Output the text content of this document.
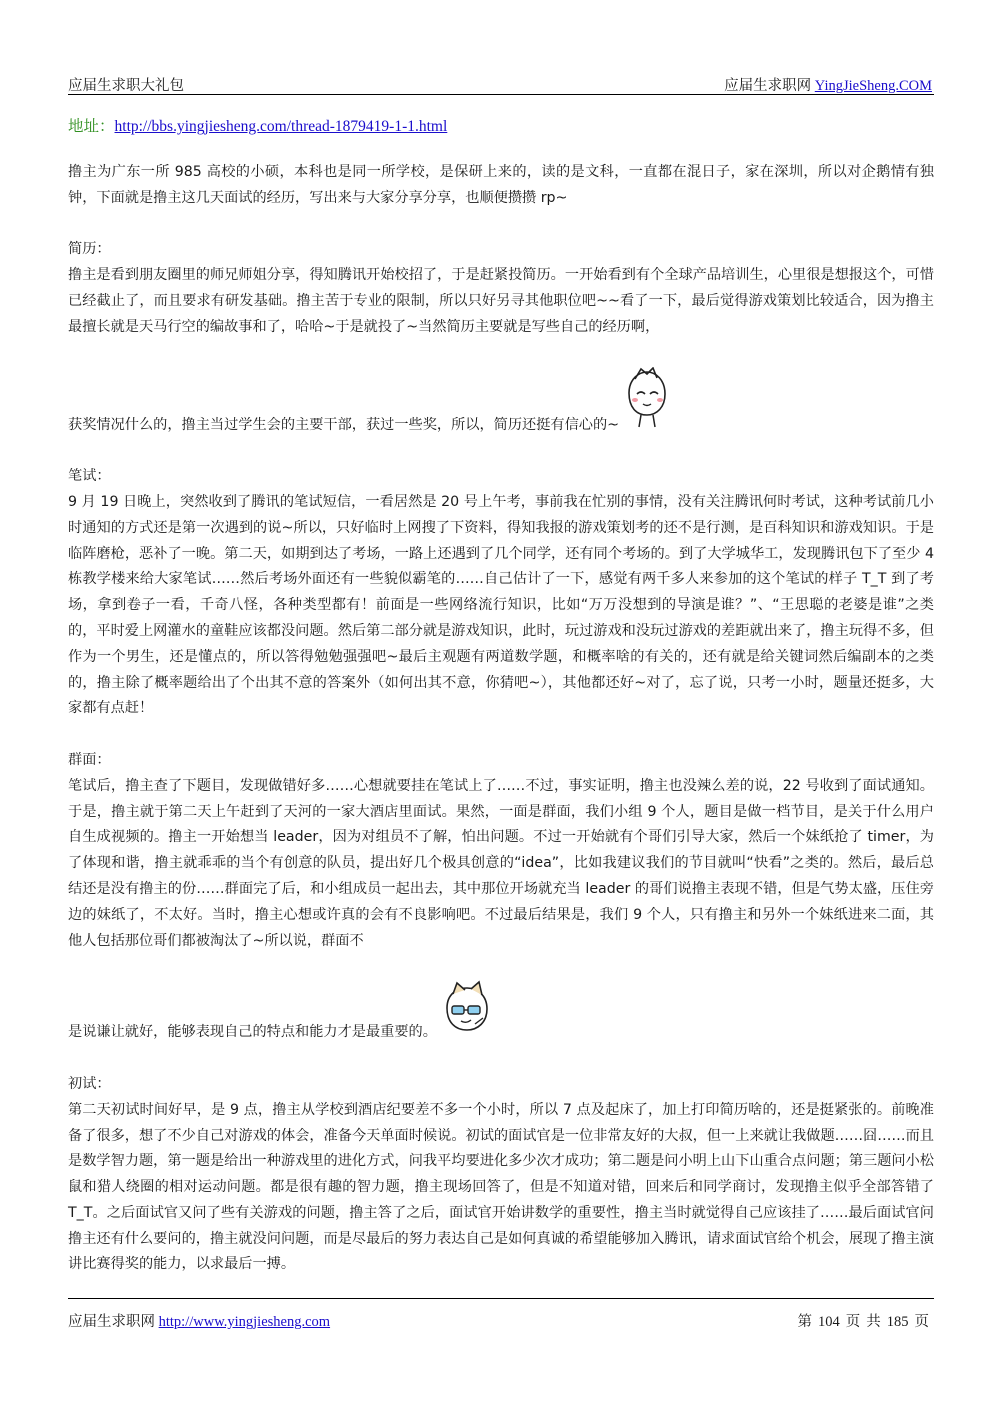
应届生求职大礼包	应届生求职网 YingJieSheng.COM
地址：http://bbs.yingjiesheng.com/thread-1879419-1-1.html

撸主为广东一所 985 高校的小硕，本科也是同一所学校，是保研上来的，读的是文科，一直都在混日子，家在深圳，所以对企鹅情有独钟，下面就是撸主这几天面试的经历，写出来与大家分享分享，也顺便攒攒 rp~

简历：

撸主是看到朋友圈里的师兄师姐分享，得知腾讯开始校招了，于是赶紧投简历。一开始看到有个全球产品培训生，心里很是想报这个，可惜已经截止了，而且要求有研发基础。撸主苦于专业的限制，所以只好另寻其他职位吧~~看了一下，最后觉得游戏策划比较适合，因为撸主最擅长就是天马行空的编故事和了，哈哈~于是就投了~当然简历主要就是写些自己的经历啊，

获奖情况什么的，撸主当过学生会的主要干部，获过一些奖，所以，简历还挺有信心的~

笔试：

9 月 19 日晚上，突然收到了腾讯的笔试短信，一看居然是 20 号上午考，事前我在忙别的事情，没有关注腾讯何时考试，这种考试前几小时通知的方式还是第一次遇到的说~所以，只好临时上网搜了下资料，得知我报的游戏策划考的还不是行测，是百科知识和游戏知识。于是临阵磨枪，恶补了一晚。第二天，如期到达了考场，一路上还遇到了几个同学，还有同个考场的。到了大学城华工，发现腾讯包下了至少 4 栋教学楼来给大家笔试……然后考场外面还有一些貌似霸笔的……自己估计了一下，感觉有两千多人来参加的这个笔试的样子 T_T 到了考场，拿到卷子一看，千奇八怪，各种类型都有！前面是一些网络流行知识，比如“万万没想到的导演是谁？”、“王思聪的老婆是谁”之类的，平时爱上网灌水的童鞋应该都没问题。然后第二部分就是游戏知识，此时，玩过游戏和没玩过游戏的差距就出来了，撸主玩得不多，但作为一个男生，还是懂点的，所以答得勉勉强强吧~最后主观题有两道数学题，和概率啥的有关的，还有就是给关键词然后编副本的之类的，撸主除了概率题给出了个出其不意的答案外（如何出其不意，你猜吧~），其他都还好~对了，忘了说，只考一小时，题量还挺多，大家都有点赶！

群面：

笔试后，撸主查了下题目，发现做错好多……心想就要挂在笔试上了……不过，事实证明，撸主也没辣么差的说，22 号收到了面试通知。于是，撸主就于第二天上午赶到了天河的一家大酒店里面试。果然，一面是群面，我们小组 9 个人，题目是做一档节目，是关于什么用户自生成视频的。撸主一开始想当 leader，因为对组员不了解，怕出问题。不过一开始就有个哥们引导大家，然后一个妹纸抢了 timer，为了体现和谐，撸主就乖乖的当个有创意的队员，提出好几个极具创意的“idea”，比如我建议我们的节目就叫“快看”之类的。然后，最后总结还是没有撸主的份……群面完了后，和小组成员一起出去，其中那位开场就充当 leader 的哥们说撸主表现不错，但是气势太盛，压住旁边的妹纸了，不太好。当时，撸主心想或许真的会有不良影响吧。不过最后结果是，我们 9 个人，只有撸主和另外一个妹纸进来二面，其他人包括那位哥们都被淘汰了~所以说，群面不

是说谦让就好，能够表现自己的特点和能力才是最重要的。

初试：

第二天初试时间好早，是 9 点，撸主从学校到酒店纪要差不多一个小时，所以 7 点及起床了，加上打印简历啥的，还是挺紧张的。前晚准备了很多，想了不少自己对游戏的体会，准备今天单面时候说。初试的面试官是一位非常友好的大叔，但一上来就让我做题……囧……而且是数学智力题，第一题是给出一种游戏里的进化方式，问我平均要进化多少次才成功；第二题是问小明上山下山重合点问题；第三题问小松鼠和猎人绕圈的相对运动问题。都是很有趣的智力题，撸主现场回答了，但是不知道对错，回来后和同学商讨，发现撸主似乎全部答错了 T_T。之后面试官又问了些有关游戏的问题，撸主答了之后，面试官开始讲数学的重要性，撸主当时就觉得自己应该挂了……最后面试官问撸主还有什么要问的，撸主就没问问题，而是尽最后的努力表达自己是如何真诚的希望能够加入腾讯，请求面试官给个机会，展现了撸主演讲比赛得奖的能力，以求最后一搏。

应届生求职网 http://www.yingjiesheng.com	第 104 页 共 185 页
